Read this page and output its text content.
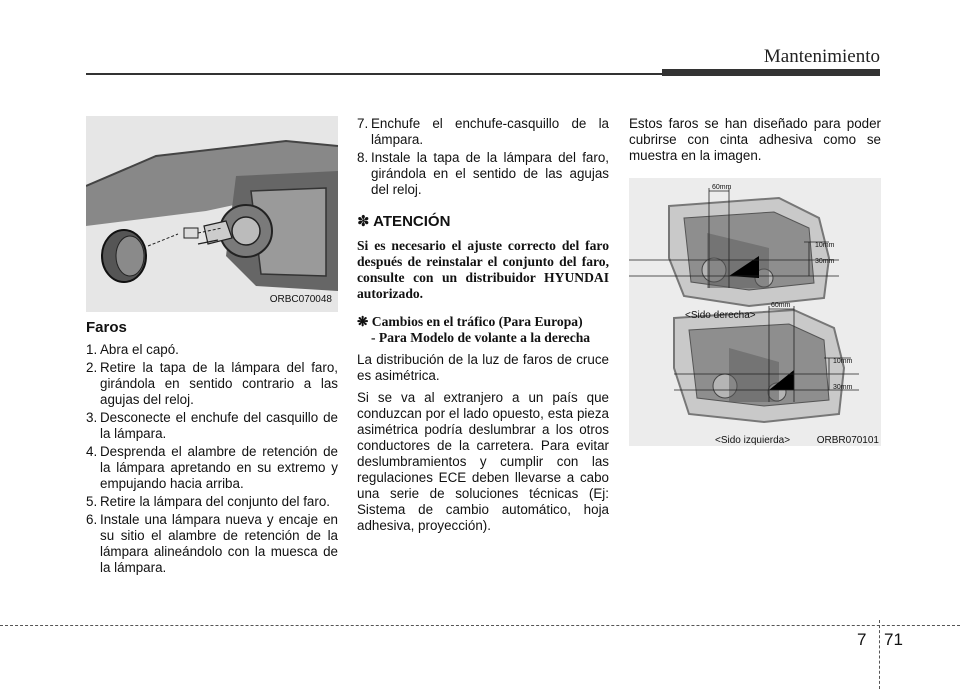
Mantenimiento
ORBC070048
Faros
1. Abra el capó.
2. Retire la tapa de la lámpara del faro, girándola en sentido contrario a las agujas del reloj.
3. Desconecte el enchufe del casquillo de la lámpara.
4. Desprenda el alambre de retención de la lámpara apretando en su extremo y empujando hacia arriba.
5. Retire la lámpara del conjunto del faro.
6. Instale una lámpara nueva y encaje en su sitio el alambre de retención de la lámpara alineándolo con la muesca de la lámpara.
7. Enchufe el enchufe-casquillo de la lámpara.
8. Instale la tapa de la lámpara del faro, girándola en el sentido de las agujas del reloj.
✽ ATENCIÓN
Si es necesario el ajuste correcto del faro después de reinstalar el conjunto del faro, consulte con un distribuidor HYUNDAI autorizado.
❋ Cambios en el tráfico (Para Europa)
- Para Modelo de volante a la derecha
La distribución de la luz de faros de cruce es asimétrica.
Si se va al extranjero a un país que conduzcan por el lado opuesto, esta pieza asimétrica podría deslumbrar a los otros conductores de la carretera. Para evitar deslumbramientos y cumplir con las regulaciones ECE deben llevarse a cabo una serie de soluciones técnicas (Ej: Sistema de cambio automático, hoja adhesiva, proyección).
Estos faros se han diseñado para poder cubrirse con cinta adhesiva como se muestra en la imagen.
60mm
10mm
30mm
60mm
10mm
30mm
<Sido derecha>
<Sido izquierda>	ORBR070101
7 71
